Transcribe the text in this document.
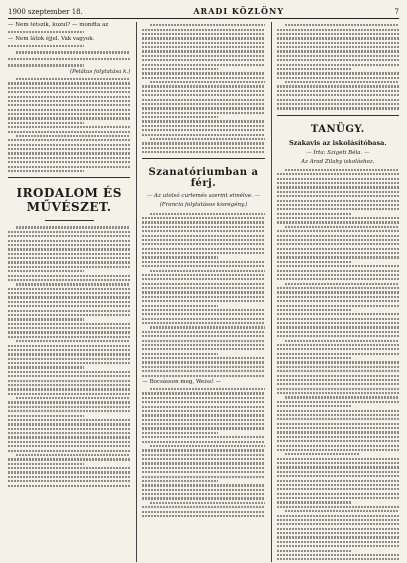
1900 szeptember 18.	ARADI KÖZLÖNY	7
— Nem tetszik, kuzul? — mondta az
— Nem látok éjjel. Vak vagyok.
(Pelátus folytatása k.)
IRODALOM ÉS MŰVÉSZET.
Szanatóriumban a férj.
— Az utolsó curlemés szerint elmélve. —
(Francia folytatásos kisregény.)
— Bocsásson meg, Weiss! —
TANÜGY.
Szakavis az iskolásítóbasa.
— Írta: Szigeti Béla. —
Az Arad Zilahy iskoláshoz.
